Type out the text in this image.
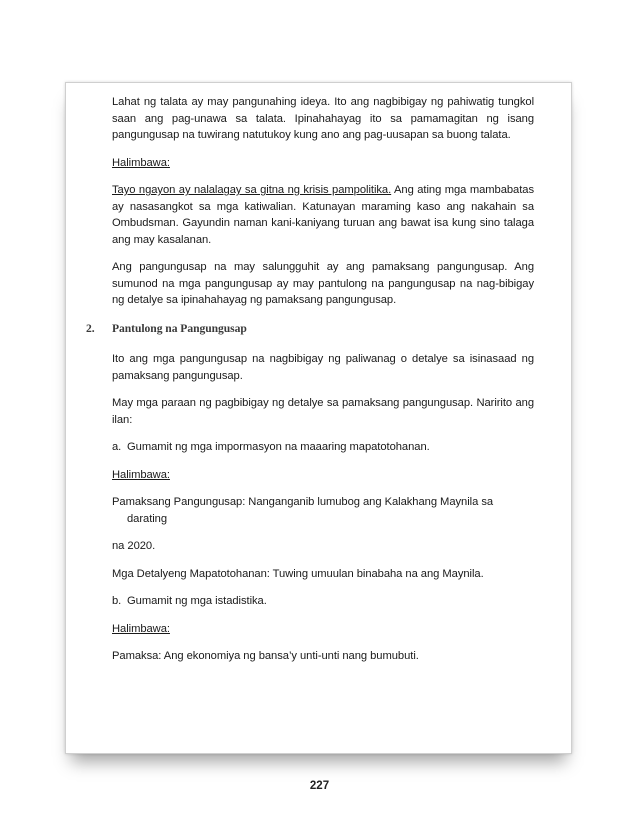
Lahat ng talata ay may pangunahing ideya. Ito ang nagbibigay ng pahiwatig tungkol saan ang pag-unawa sa talata. Ipinahahayag ito sa pamamagitan ng isang pangungusap na tuwirang natutukoy kung ano ang pag-uusapan sa buong talata.

Halimbawa:

Tayo ngayon ay nalalagay sa gitna ng krisis pampolitika. Ang ating mga mambabatas ay nasasangkot sa mga katiwalian. Katunayan maraming kaso ang nakahain sa Ombudsman. Gayundin naman kani-kaniyang turuan ang bawat isa kung sino talaga ang may kasalanan.

Ang pangungusap na may salungguhit ay ang pamaksang pangungusap. Ang sumunod na mga pangungusap ay may pantulong na pangungusap na nag-bibigay ng detalye sa ipinahahayag ng pamaksang pangungusap.

2. Pantulong na Pangungusap

Ito ang mga pangungusap na nagbibigay ng paliwanag o detalye sa isinasaad ng pamaksang pangungusap.

May mga paraan ng pagbibigay ng detalye sa pamaksang pangungusap. Naririto ang ilan:

a. Gumamit ng mga impormasyon na maaaring mapatotohanan.

Halimbawa:

Pamaksang Pangungusap: Nanganganib lumubog ang Kalakhang Maynila sa
darating

na 2020.

Mga Detalyeng Mapatotohanan: Tuwing umuulan binabaha na ang Maynila.

b. Gumamit ng mga istadistika.

Halimbawa:

Pamaksa: Ang ekonomiya ng bansa’y unti-unti nang bumubuti.

227
